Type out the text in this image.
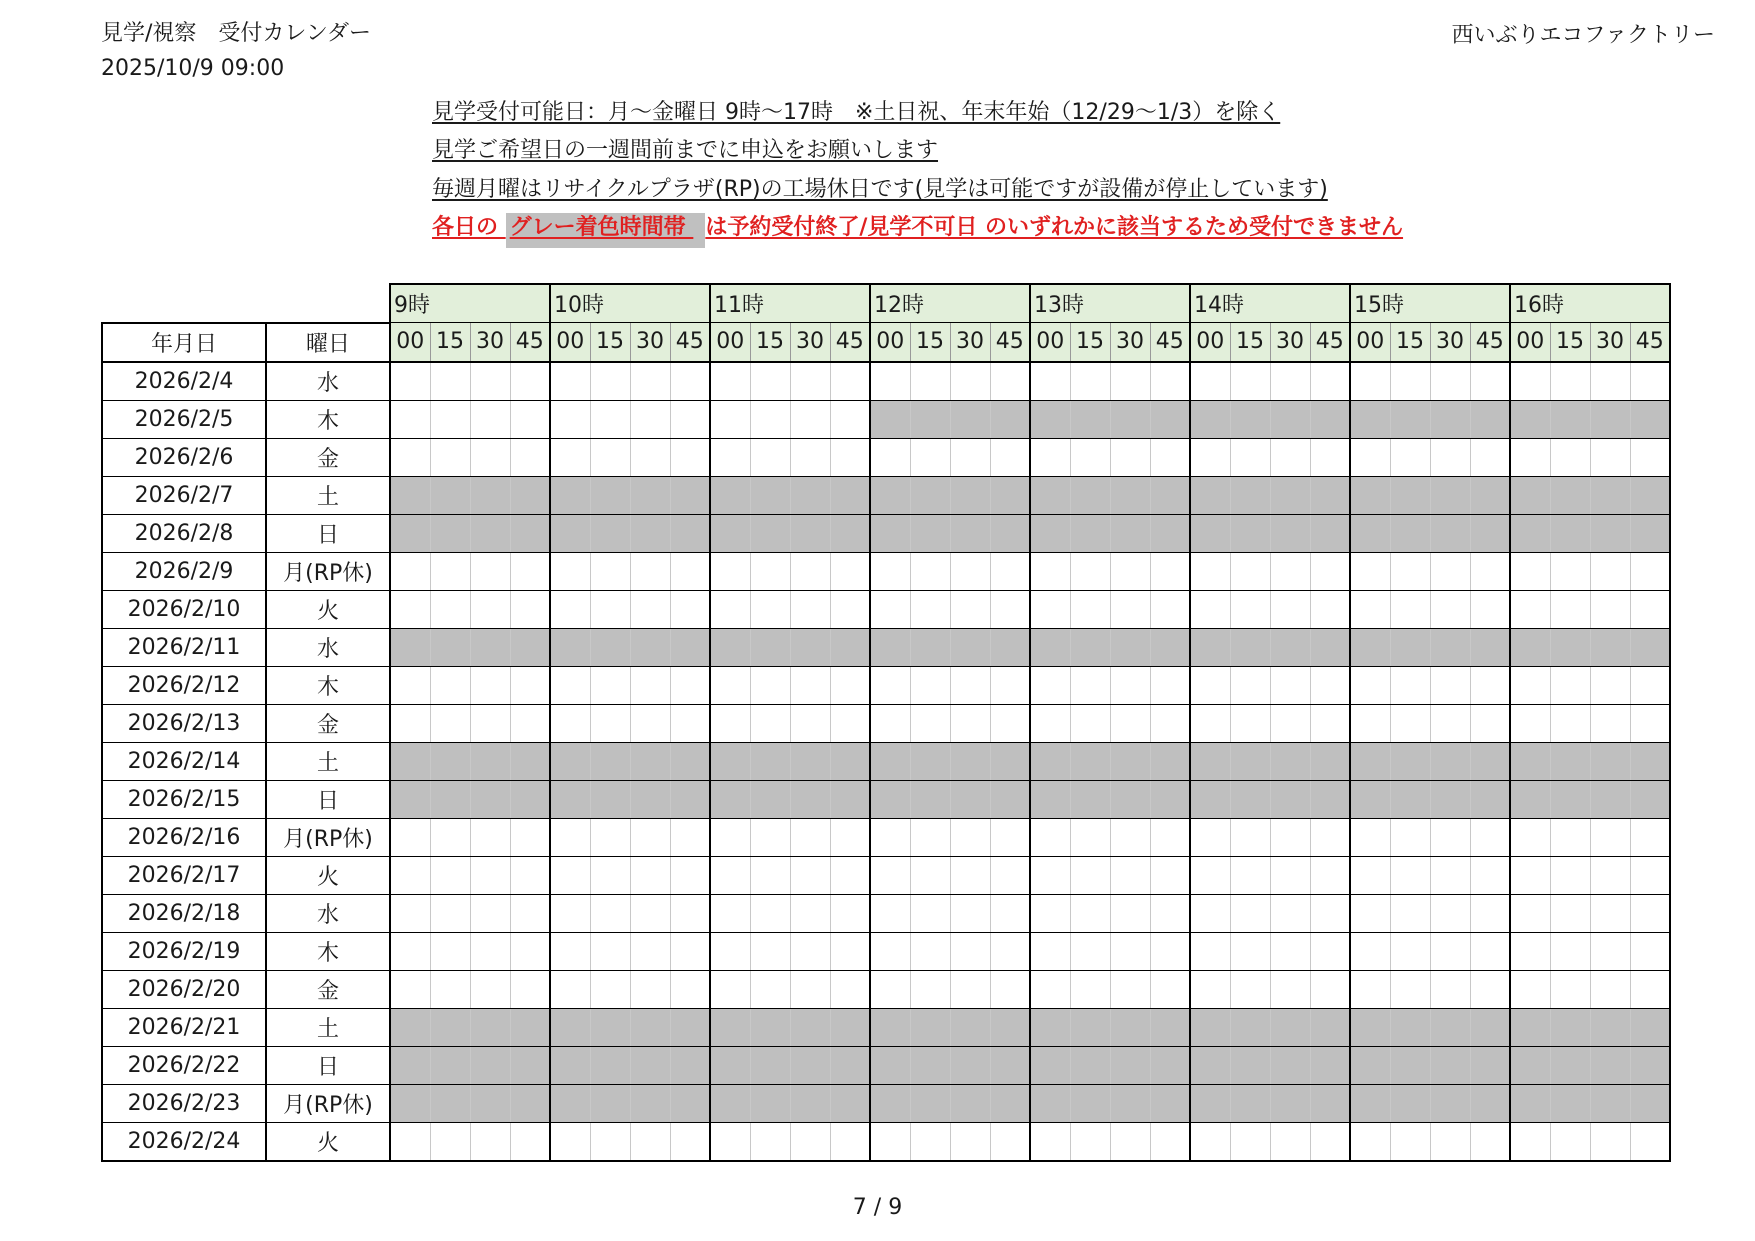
見学/視察　受付カレンダー
2025/10/9 09:00
西いぶりエコファクトリー
見学受付可能日：月～金曜日 9時～17時　※土日祝、年末年始（12/29～1/3）を除く
見学ご希望日の一週間前までに申込をお願いします
毎週月曜はリサイクルプラザ(RP)の工場休日です(見学は可能ですが設備が停止しています)
各日の グレー着色時間帯 は予約受付終了/見学不可日 のいずれかに該当するため受付できません
		9時				10時				11時				12時				13時				14時				15時				16時			
年月日	曜日	00	15	30	45	00	15	30	45	00	15	30	45	00	15	30	45	00	15	30	45	00	15	30	45	00	15	30	45	00	15	30	45
2026/2/4	水																																
2026/2/5	木																																
2026/2/6	金																																
2026/2/7	土																																
2026/2/8	日																																
2026/2/9	月(RP休)																																
2026/2/10	火																																
2026/2/11	水																																
2026/2/12	木																																
2026/2/13	金																																
2026/2/14	土																																
2026/2/15	日																																
2026/2/16	月(RP休)																																
2026/2/17	火																																
2026/2/18	水																																
2026/2/19	木																																
2026/2/20	金																																
2026/2/21	土																																
2026/2/22	日																																
2026/2/23	月(RP休)																																
2026/2/24	火																																
7 / 9
